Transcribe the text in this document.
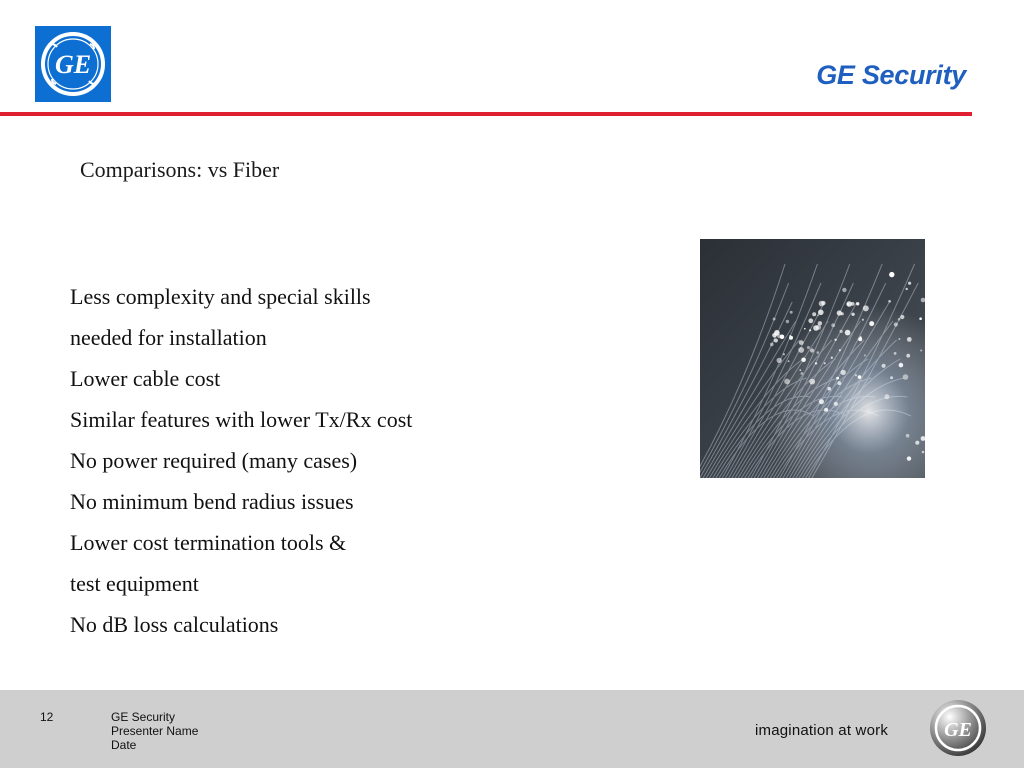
GE	GE Security
Comparisons: vs Fiber
Less complexity and special skills
needed for installation
Lower cable cost
Similar features with lower Tx/Rx cost
No power required (many cases)
No minimum bend radius issues
Lower cost termination tools &
test equipment
No dB loss calculations
12	GE Security
Presenter Name
Date
imagination at work	GE
